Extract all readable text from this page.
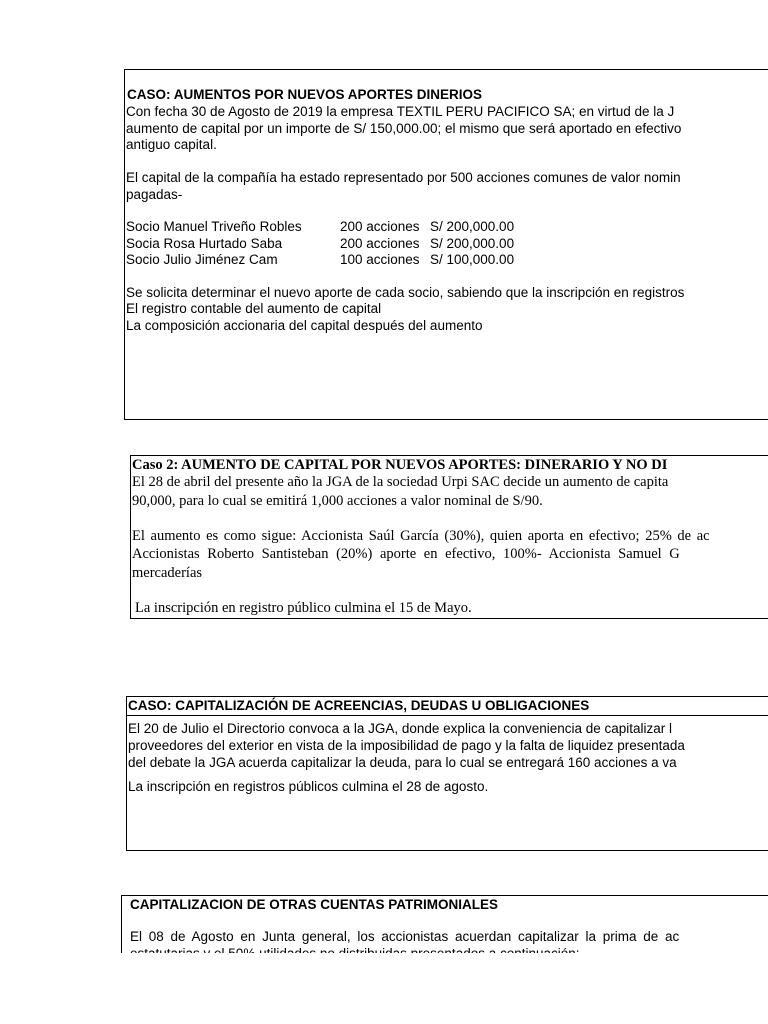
CASO: AUMENTOS POR NUEVOS APORTES DINERIOS
Con fecha 30 de Agosto de 2019 la empresa TEXTIL PERU PACIFICO SA; en virtud de la J
aumento de capital por un importe de S/ 150,000.00; el mismo que será aportado en efectivo
antiguo capital.
El capital de la compañía ha estado representado por 500 acciones comunes de valor nomin
pagadas-
Socio Manuel Triveño Robles	200 acciones S/ 200,000.00
Socia Rosa Hurtado Saba	200 acciones S/ 200,000.00
Socio Julio Jiménez Cam	100 acciones S/ 100,000.00
Se solicita determinar el nuevo aporte de cada socio, sabiendo que la inscripción en registros
El registro contable del aumento de capital
La composición accionaria del capital después del aumento
Caso 2: AUMENTO DE CAPITAL POR NUEVOS APORTES: DINERARIO Y NO DI
El 28 de abril del presente año la JGA de la sociedad Urpi SAC decide un aumento de capita
90,000, para lo cual se emitirá 1,000 acciones a valor nominal de S/90.
El aumento es como sigue: Accionista Saúl García (30%), quien aporta en efectivo; 25% de ac
Accionistas Roberto Santisteban (20%) aporte en efectivo, 100%- Accionista Samuel G
mercaderías
La inscripción en registro público culmina el 15 de Mayo.
CASO: CAPITALIZACIÓN DE ACREENCIAS, DEUDAS U OBLIGACIONES
El 20 de Julio el Directorio convoca a la JGA, donde explica la conveniencia de capitalizar l
proveedores del exterior en vista de la imposibilidad de pago y la falta de liquidez presentada
del debate la JGA acuerda capitalizar la deuda, para lo cual se entregará 160 acciones a va
La inscripción en registros públicos culmina el 28 de agosto.
CAPITALIZACION DE OTRAS CUENTAS PATRIMONIALES
El 08 de Agosto en Junta general, los accionistas acuerdan capitalizar la prima de ac
